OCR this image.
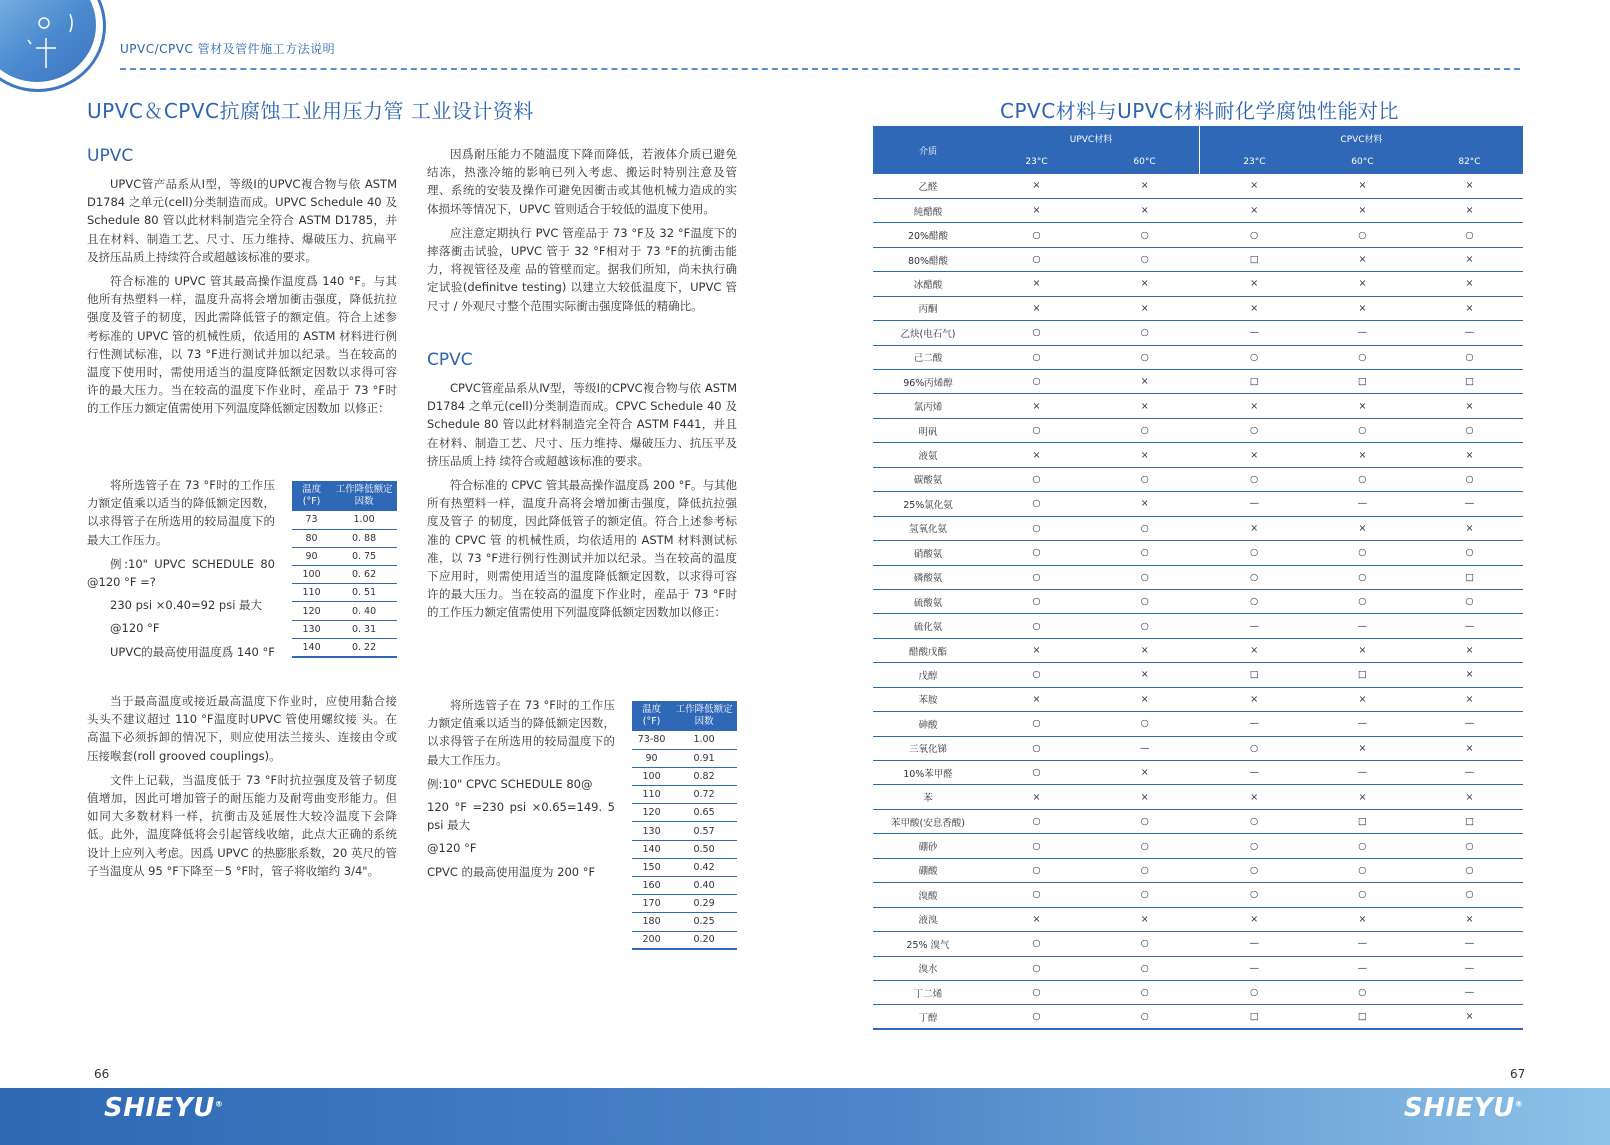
UPVC/CPVC 管材及管件施工方法说明
UPVC＆CPVC抗腐蚀工业用压力管 工业设计资料
UPVC

UPVC管产品系从I型，等级I的UPVC複合物与依 ASTM D1784 之单元(cell)分类制造而成。UPVC Schedule 40 及 Schedule 80 管以此材料制造完全符合 ASTM D1785，并且在材料、制造工艺、尺寸、压力维持、爆破压力、抗扁平及挤压品质上持续符合或超越该标准的要求。

符合标准的 UPVC 管其最高操作温度爲 140 °F。与其他所有热塑料一样，温度升高将会增加衝击强度，降低抗拉强度及管子的韧度，因此需降低管子的额定值。符合上述参考标准的 UPVC 管的机械性质，依适用的 ASTM 材料进行例行性测试标准，以 73 °F进行测试并加以纪录。当在较高的温度下使用时，需使用适当的温度降低额定因数以求得可容许的最大压力。当在较高的温度下作业时，産品于 73 °F时的工作压力额定值需使用下列温度降低额定因数加 以修正：

将所选管子在 73 °F时的工作压力额定值乘以适当的降低额定因数，以求得管子在所选用的较局温度下的最大工作压力。

例:10" UPVC SCHEDULE 80 @120 °F =?
230 psi ×0.40=92 psi 最大
@120 °F
UPVC的最高使用温度爲 140 °F
温度(°F)	工作降低额定因数
73	1.00
80	0. 88
90	0. 75
100	0. 62
110	0. 51
120	0. 40
130	0. 31
140	0. 22

当于最高温度或接近最高温度下作业时，应使用黏合接头头不建议超过 110 °F温度时UPVC 管使用螺纹接 头。在高温下必须拆卸的情况下，则应使用法兰接头、连接由令或压接喉套(roll grooved couplings)。

文件上记载，当温度低于 73 °F时抗拉强度及管子韧度值增加，因此可增加管子的耐压能力及耐弯曲变形能力。但如同大多数材料一样，抗衝击及延展性大较冷温度下会降低。此外，温度降低将会引起管线收缩，此点大正确的系统设计上应列入考虑。因爲 UPVC 的热膨胀系数，20 英尺的管子当温度从 95 °F下降至－5 °F时，管子将收缩约 3/4"。

因爲耐压能力不随温度下降而降低，若液体介质已避免结冻，热涨冷缩的影响已列入考虑、搬运时特别注意及管理、系统的安装及操作可避免因衝击或其他机械力造成的实体损坏等情况下，UPVC 管则适合于较低的温度下使用。

应注意定期执行 PVC 管産品于 73 °F及 32 °F温度下的摔落衝击试验，UPVC 管于 32 °F相对于 73 °F的抗衝击能力，将视管径及産 品的管壁而定。据我们所知，尚未执行确定试验(definitve testing) 以建立大较低温度下，UPVC 管尺寸 / 外观尺寸整个范围实际衝击强度降低的精确比。

CPVC

CPVC管産品系从Ⅳ型，等级Ⅰ的CPVC複合物与依 ASTM D1784 之单元(cell)分类制造而成。CPVC Schedule 40 及 Schedule 80 管以此材料制造完全符合 ASTM F441，并且在材料、制造工艺、尺寸、压力维持、爆破压力、抗压平及挤压品质上持 续符合或超越该标准的要求。

符合标准的 CPVC 管其最高操作温度爲 200 °F。与其他所有热塑料一样，温度升高将会增加衝击强度，降低抗拉强度及管子 的韧度，因此降低管子的额定值。符合上述参考标准的 CPVC 管 的机械性质，均依适用的 ASTM 材料测试标准，以 73 °F进行例行性测试并加以纪录。当在较高的温度下应用时，则需使用适当的温度降低额定因数，以求得可容许的最大压力。当在较高的温度下作业时，産品于 73 °F时的工作压力额定值需使用下列温度降低额定因数加以修正：

将所选管子在 73 °F时的工作压力额定值乘以适当的降低额定因数，以求得管子在所选用的较局温度下的最大工作压力。

例:10" CPVC SCHEDULE 80@
120 °F =230 psi ×0.65=149. 5 psi 最大
@120 °F
CPVC 的最高使用温度为 200 °F
温度(°F)	工作降低额定因数
73-80	1.00
90	0.91
100	0.82
110	0.72
120	0.65
130	0.57
140	0.50
150	0.42
160	0.40
170	0.29
180	0.25
200	0.20
CPVC材料与UPVC材料耐化学腐蚀性能对比
介质	UPVC材料		CPVC材料		
	23°C	60°C	23°C	60°C	82°C
乙醛	×	×	×	×	×
純醋酸	×	×	×	×	×
20%醋酸	○	○	○	○	○
80%醋酸	○	○	□	×	×
冰醋酸	×	×	×	×	×
丙酮	×	×	×	×	×
乙炔(电石气)	○	○	—	—	—
己二酸	○	○	○	○	○
96%丙烯醇	○	×	□	□	□
氯丙烯	×	×	×	×	×
明矾	○	○	○	○	○
液氨	×	×	×	×	×
碳酸氨	○	○	○	○	○
25%氯化氨	○	×	—	—	—
氢氧化氨	○	○	×	×	×
硝酸氨	○	○	○	○	○
磷酸氨	○	○	○	○	□
硫酸氨	○	○	○	○	○
硫化氨	○	○	—	—	—
醋酸戊酯	×	×	×	×	×
戊醇	○	×	□	□	×
苯胺	×	×	×	×	×
砷酸	○	○	—	—	—
三氧化锑	○	—	○	×	×
10%苯甲醛	○	×	—	—	—
苯	×	×	×	×	×
苯甲酸(安息香酸)	○	○	○	□	□
硼砂	○	○	○	○	○
硼酸	○	○	○	○	○
溴酸	○	○	○	○	○
液溴	×	×	×	×	×
25% 溴气	○	○	—	—	—
溴水	○	○	—	—	—
丁二烯	○	○	○	○	—
丁醇	○	○	□	□	×
66	67
SHIEYU®	SHIEYU®
